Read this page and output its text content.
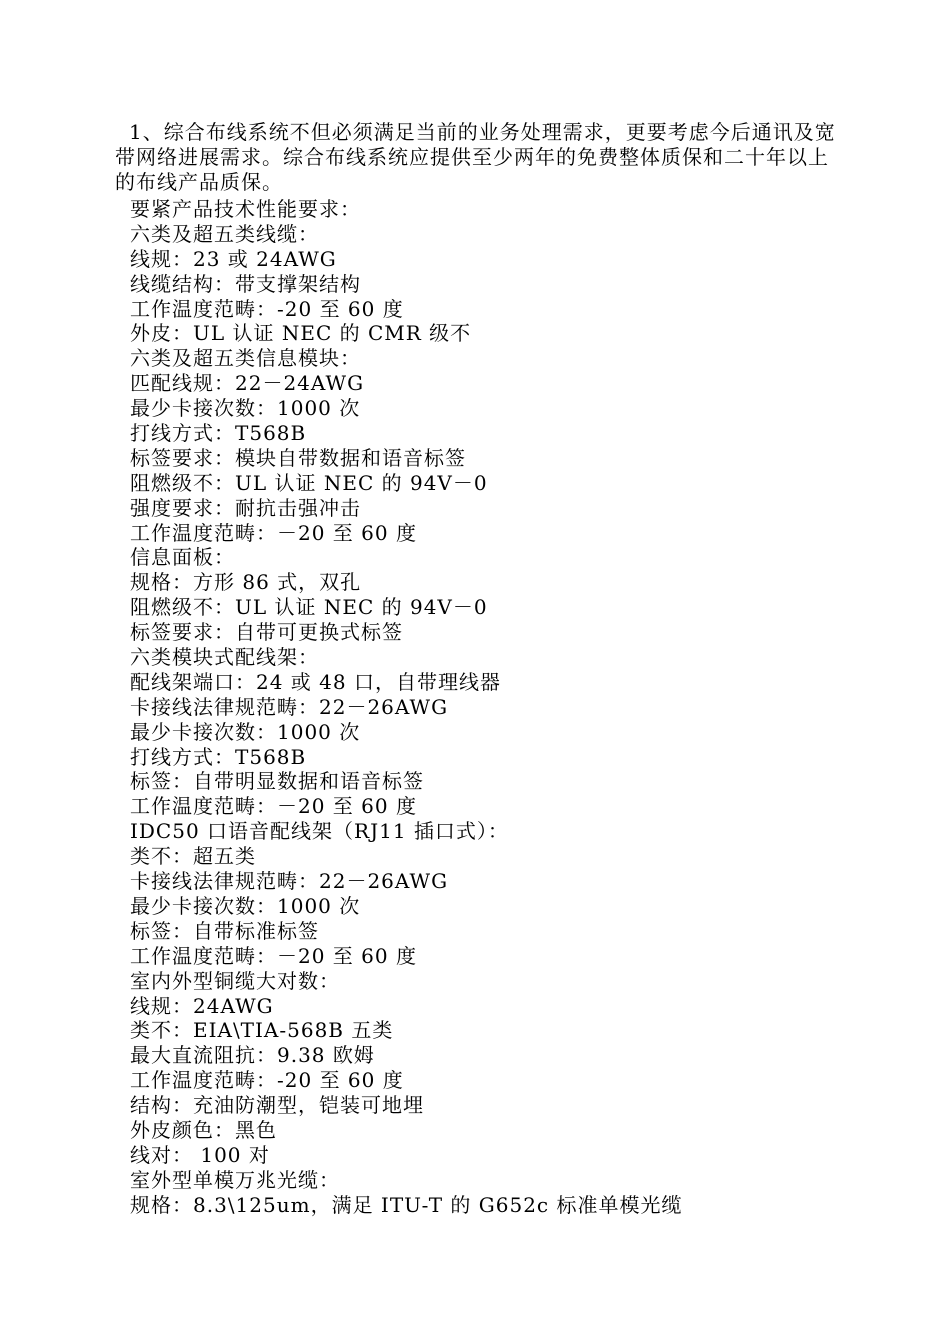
1、综合布线系统不但必须满足当前的业务处理需求，更要考虑今后通讯及宽带网络进展需求。综合布线系统应提供至少两年的免费整体质保和二十年以上的布线产品质保。

要紧产品技术性能要求：
六类及超五类线缆：
线规：23 或 24AWG
线缆结构：带支撑架结构
工作温度范畴：-20 至 60 度
外皮：UL 认证 NEC 的 CMR 级不
六类及超五类信息模块：
匹配线规：22－24AWG
最少卡接次数：1000 次
打线方式：T568B
标签要求：模块自带数据和语音标签
阻燃级不：UL 认证 NEC 的 94V－0
强度要求：耐抗击强冲击
工作温度范畴：－20 至 60 度
信息面板：
规格：方形 86 式，双孔
阻燃级不：UL 认证 NEC 的 94V－0
标签要求：自带可更换式标签
六类模块式配线架：
配线架端口：24 或 48 口，自带理线器
卡接线法律规范畴：22－26AWG
最少卡接次数：1000 次
打线方式：T568B
标签：自带明显数据和语音标签
工作温度范畴：－20 至 60 度
IDC50 口语音配线架（RJ11 插口式）：
类不：超五类
卡接线法律规范畴：22－26AWG
最少卡接次数：1000 次
标签：自带标准标签
工作温度范畴：－20 至 60 度
室内外型铜缆大对数：
线规：24AWG
类不：EIA\TIA-568B 五类
最大直流阻抗：9.38 欧姆
工作温度范畴：-20 至 60 度
结构：充油防潮型，铠装可地埋
外皮颜色：黑色
线对： 100 对
室外型单模万兆光缆：
规格：8.3\125um，满足 ITU-T 的 G652c 标准单模光缆
